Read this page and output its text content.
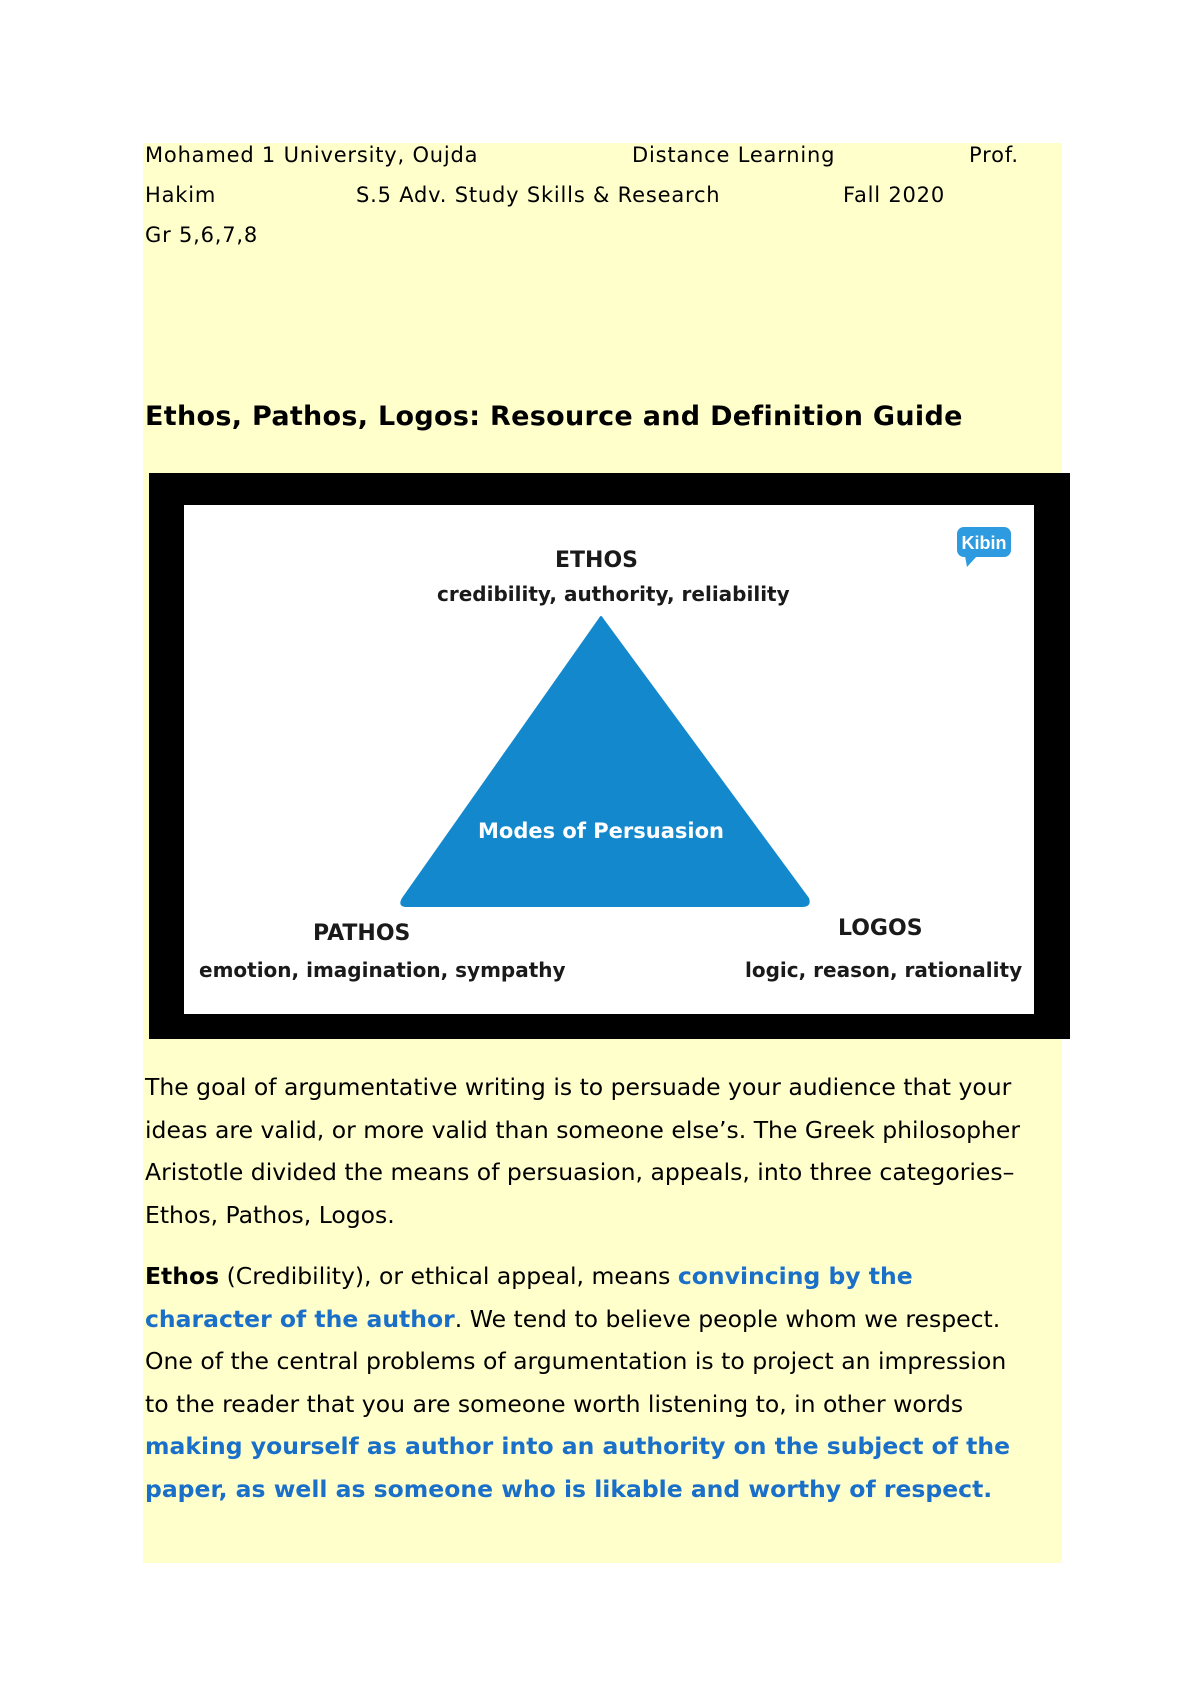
Mohamed 1 University, Oujda	Distance Learning	Prof.
Hakim	S.5 Adv. Study Skills & Research	Fall 2020
Gr 5,6,7,8
Ethos, Pathos, Logos: Resource and Definition Guide
Kibin
ETHOS
credibility, authority, reliability
Modes of Persuasion
PATHOS
emotion, imagination, sympathy
LOGOS
logic, reason, rationality
The goal of argumentative writing is to persuade your audience that your
ideas are valid, or more valid than someone else’s. The Greek philosopher
Aristotle divided the means of persuasion, appeals, into three categories–
Ethos, Pathos, Logos.
Ethos (Credibility), or ethical appeal, means convincing by the
character of the author. We tend to believe people whom we respect.
One of the central problems of argumentation is to project an impression
to the reader that you are someone worth listening to, in other words
making yourself as author into an authority on the subject of the
paper, as well as someone who is likable and worthy of respect.
